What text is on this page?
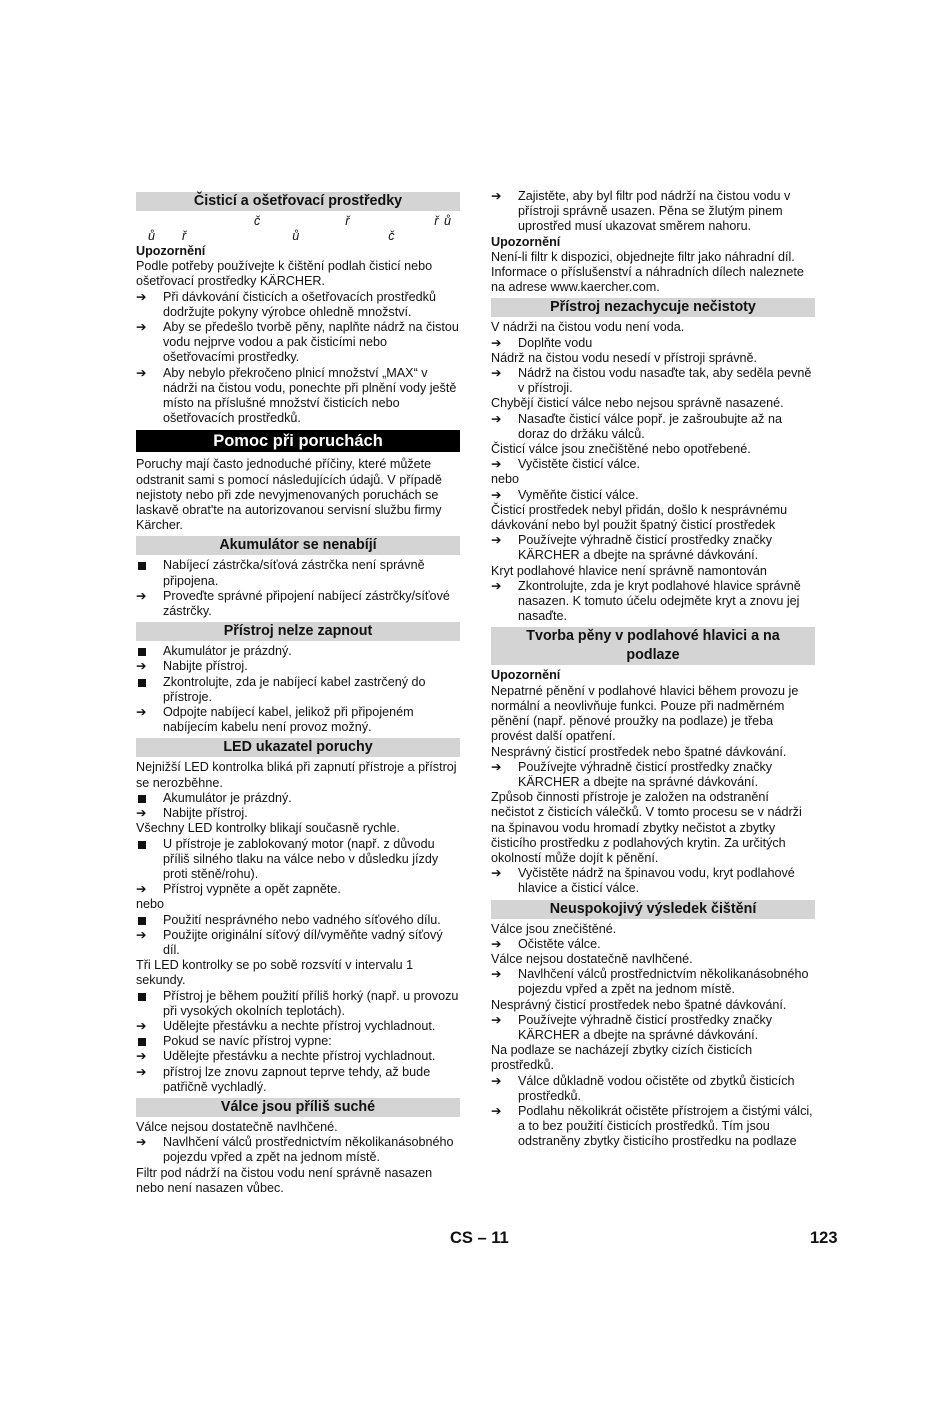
Čisticí a ošetřovací prostředky
č	ř	ř ů
ů ř	ů	č

Upozornění

Podle potřeby používejte k čištění podlah čisticí nebo ošetřovací prostředky KÄRCHER.

➔	Při dávkování čisticích a ošetřovacích prostředků dodržujte pokyny výrobce ohledně množství.
➔	Aby se předešlo tvorbě pěny, naplňte nádrž na čistou vodu nejprve vodou a pak čisticími nebo ošetřovacími prostředky.
➔	Aby nebylo překročeno plnicí množství „MAX“ v nádrži na čistou vodu, ponechte při plnění vody ještě místo na příslušné množství čisticích nebo ošetřovacích prostředků.
Pomoc při poruchách

Poruchy mají často jednoduché příčiny, které můžete odstranit sami s pomocí následujících údajů. V případě nejistoty nebo při zde nevyjmenovaných poruchách se laskavě obrat'te na autorizovanou servisní službu firmy Kärcher.

Akumulátor se nenabíjí
Nabíjecí zástrčka/síťová zástrčka není správně připojena.
➔	Proveďte správné připojení nabíjecí zástrčky/síťové zástrčky.
Přístroj nelze zapnout
Akumulátor je prázdný.
➔	Nabijte přístroj.
Zkontrolujte, zda je nabíjecí kabel zastrčený do přístroje.
➔	Odpojte nabíjecí kabel, jelikož při připojeném nabíjecím kabelu není provoz možný.
LED ukazatel poruchy

Nejnižší LED kontrolka bliká při zapnutí přístroje a přístroj se nerozběhne.

Akumulátor je prázdný.
➔	Nabijte přístroj.

Všechny LED kontrolky blikají současně rychle.

U přístroje je zablokovaný motor (např. z důvodu příliš silného tlaku na válce nebo v důsledku jízdy proti stěně/rohu).
➔	Přístroj vypněte a opět zapněte.

nebo

Použití nesprávného nebo vadného síťového dílu.
➔	Použijte originální síťový díl/vyměňte vadný síťový díl.

Tři LED kontrolky se po sobě rozsvítí v intervalu 1 sekundy.

Přístroj je během použití příliš horký (např. u provozu při vysokých okolních teplotách).
➔	Udělejte přestávku a nechte přístroj vychladnout.
Pokud se navíc přístroj vypne:
➔	Udělejte přestávku a nechte přístroj vychladnout.
➔	přístroj lze znovu zapnout teprve tehdy, až bude patřičně vychladlý.
Válce jsou příliš suché

Válce nejsou dostatečně navlhčené.

➔	Navlhčení válců prostřednictvím několikanásobného pojezdu vpřed a zpět na jednom místě.

Filtr pod nádrží na čistou vodu není správně nasazen nebo není nasazen vůbec.

➔	Zajistěte, aby byl filtr pod nádrží na čistou vodu v přístroji správně usazen. Pěna se žlutým pinem uprostřed musí ukazovat směrem nahoru.

Upozornění

Není-li filtr k dispozici, objednejte filtr jako náhradní díl. Informace o příslušenství a náhradních dílech naleznete na adrese www.kaercher.com.

Přístroj nezachycuje nečistoty

V nádrži na čistou vodu není voda.

➔	Doplňte vodu

Nádrž na čistou vodu nesedí v přístroji správně.

➔	Nádrž na čistou vodu nasaďte tak, aby seděla pevně v přístroji.

Chybějí čisticí válce nebo nejsou správně nasazené.

➔	Nasaďte čisticí válce popř. je zašroubujte až na doraz do držáku válců.

Čisticí válce jsou znečištěné nebo opotřebené.

➔	Vyčistěte čisticí válce.

nebo

➔	Vyměňte čisticí válce.

Čisticí prostředek nebyl přidán, došlo k nesprávnému dávkování nebo byl použit špatný čisticí prostředek

➔	Používejte výhradně čisticí prostředky značky KÄRCHER a dbejte na správné dávkování.

Kryt podlahové hlavice není správně namontován

➔	Zkontrolujte, zda je kryt podlahové hlavice správně nasazen. K tomuto účelu odejměte kryt a znovu jej nasaďte.
Tvorba pěny v podlahové hlavici a na
podlaze

Upozornění

Nepatrné pěnění v podlahové hlavici během provozu je normální a neovlivňuje funkci. Pouze při nadměrném pěnění (např. pěnové proužky na podlaze) je třeba provést další opatření.

Nesprávný čisticí prostředek nebo špatné dávkování.

➔	Používejte výhradně čisticí prostředky značky KÄRCHER a dbejte na správné dávkování.

Způsob činnosti přístroje je založen na odstranění nečistot z čisticích válečků. V tomto procesu se v nádrži na špinavou vodu hromadí zbytky nečistot a zbytky čisticího prostředku z podlahových krytin. Za určitých okolností může dojít k pěnění.

➔	Vyčistěte nádrž na špinavou vodu, kryt podlahové hlavice a čisticí válce.
Neuspokojivý výsledek čištění

Válce jsou znečištěné.

➔	Očistěte válce.

Válce nejsou dostatečně navlhčené.

➔	Navlhčení válců prostřednictvím několikanásobného pojezdu vpřed a zpět na jednom místě.

Nesprávný čisticí prostředek nebo špatné dávkování.

➔	Používejte výhradně čisticí prostředky značky KÄRCHER a dbejte na správné dávkování.

Na podlaze se nacházejí zbytky cizích čisticích prostředků.

➔	Válce důkladně vodou očistěte od zbytků čisticích prostředků.
➔	Podlahu několikrát očistěte přístrojem a čistými válci, a to bez použití čisticích prostředků. Tím jsou odstraněny zbytky čisticího prostředku na podlaze
CS – 11	123
